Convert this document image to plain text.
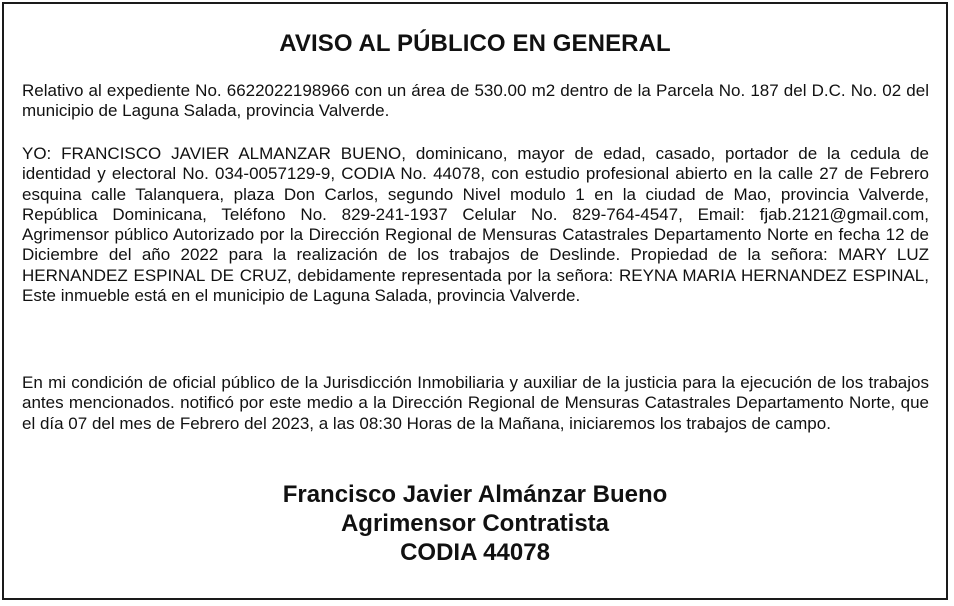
AVISO AL PÚBLICO EN GENERAL

Relativo al expediente No. 6622022198966 con un área de 530.00 m2 dentro de la Parcela No. 187 del D.C. No. 02 del municipio de Laguna Salada, provincia Valverde.

YO: FRANCISCO JAVIER ALMANZAR BUENO, dominicano, mayor de edad, casado, portador de la cedula de identidad y electoral No. 034-0057129-9, CODIA No. 44078, con estudio profesional abierto en la calle 27 de Febrero esquina calle Talanquera, plaza Don Carlos, segundo Nivel modulo 1 en la ciudad de Mao, provincia Valverde, República Dominicana, Teléfono No. 829-241-1937 Celular No. 829-764-4547, Email: fjab.2121@gmail.com, Agrimensor público Autorizado por la Dirección Regional de Mensuras Catastrales Departamento Norte en fecha 12 de Diciembre del año 2022 para la realización de los trabajos de Deslinde. Propiedad de la señora: MARY LUZ HERNANDEZ ESPINAL DE CRUZ, debidamente representada por la señora: REYNA MARIA HERNANDEZ ESPINAL, Este inmueble está en el municipio de Laguna Salada, provincia Valverde.

En mi condición de oficial público de la Jurisdicción Inmobiliaria y auxiliar de la justicia para la ejecución de los trabajos antes mencionados. notificó por este medio a la Dirección Regional de Mensuras Catastrales Departamento Norte, que el día 07 del mes de Febrero del 2023, a las 08:30 Horas de la Mañana, iniciaremos los trabajos de campo.

Francisco Javier Almánzar Bueno
Agrimensor Contratista
CODIA 44078
